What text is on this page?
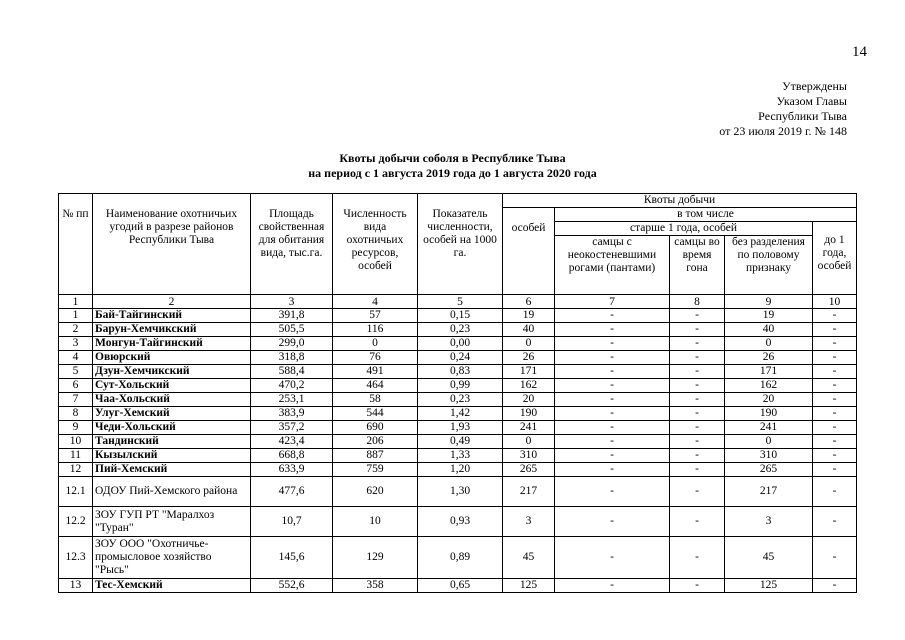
14
Утверждены
Указом Главы
Республики Тыва
от 23 июля 2019 г. № 148
Квоты добычи соболя в Республике Тыва
на период с 1 августа 2019 года до 1 августа 2020 года
№ пп	Наименование охотничьих угодий в разрезе районов Республики Тыва	Площадь свойственная для обитания вида, тыс.га.	Численность вида охотничьих ресурсов, особей	Показатель численности, особей на 1000 га.	Квоты добычи				
					особей	в том числе			
						старше 1 года, особей			до 1 года, особей
						самцы с неокостеневшими рогами (пантами)	самцы во время гона	без разделения по половому признаку	
1	2	3	4	5	6	7	8	9	10
1	Бай-Тайгинский	391,8	57	0,15	19	-	-	19	-
2	Барун-Хемчикский	505,5	116	0,23	40	-	-	40	-
3	Монгун-Тайгинский	299,0	0	0,00	0	-	-	0	-
4	Овюрский	318,8	76	0,24	26	-	-	26	-
5	Дзун-Хемчикский	588,4	491	0,83	171	-	-	171	-
6	Сут-Хольский	470,2	464	0,99	162	-	-	162	-
7	Чаа-Хольский	253,1	58	0,23	20	-	-	20	-
8	Улуг-Хемский	383,9	544	1,42	190	-	-	190	-
9	Чеди-Хольский	357,2	690	1,93	241	-	-	241	-
10	Тандинский	423,4	206	0,49	0	-	-	0	-
11	Кызылский	668,8	887	1,33	310	-	-	310	-
12	Пий-Хемский	633,9	759	1,20	265	-	-	265	-
12.1	ОДОУ Пий-Хемского района	477,6	620	1,30	217	-	-	217	-
12.2	ЗОУ ГУП РТ "Маралхоз "Туран"	10,7	10	0,93	3	-	-	3	-
12.3	ЗОУ ООО "Охотничье-промысловое хозяйство "Рысь"	145,6	129	0,89	45	-	-	45	-
13	Тес-Хемский	552,6	358	0,65	125	-	-	125	-
